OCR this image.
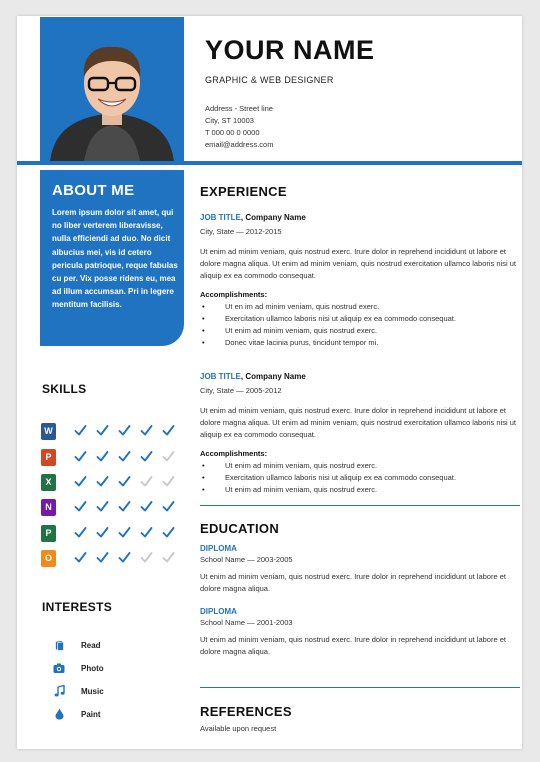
YOUR NAME
GRAPHIC & WEB DESIGNER
Address - Street line
City, ST 10003
T 000 00 0 0000
email@address.com
ABOUT ME

Lorem ipsum dolor sit amet, qui no liber verterem liberavisse, nulla efficiendi ad duo. No dicit albucius mei, vis id cetero pericula patrioque, reque fabulas cu per. Vix posse ridens eu, mea ad illum accumsan. Pri in legere mentitum facilisis.

SKILLS
W
P
X
N
P
O
INTERESTS
Read
Photo
Music
Paint
EXPERIENCE
JOB TITLE, Company Name
City, State — 2012-2015
Ut enim ad minim veniam, quis nostrud exerc. Irure dolor in reprehend incididunt ut labore et dolore magna aliqua. Ut enim ad minim veniam, quis nostrud exercitation ullamco laboris nisi ut aliquip ex ea commodo consequat.
Accomplishments:
• Ut en im ad minim veniam, quis nostrud exerc.
• Exercitation ullamco laboris nisi ut aliquip ex ea commodo consequat.
• Ut enim ad minim veniam, quis nostrud exerc.
• Donec vitae lacinia purus, tincidunt tempor mi.
JOB TITLE, Company Name
City, State — 2005-2012
Ut enim ad minim veniam, quis nostrud exerc. Irure dolor in reprehend incididunt ut labore et dolore magna aliqua. Ut enim ad minim veniam, quis nostrud exercitation ullamco laboris nisi ut aliquip ex ea commodo consequat.
Accomplishments:
• Ut enim ad minim veniam, quis nostrud exerc.
• Exercitation ullamco laboris nisi ut aliquip ex ea commodo consequat.
• Ut enim ad minim veniam, quis nostrud exerc.
EDUCATION
DIPLOMA
School Name — 2003-2005
Ut enim ad minim veniam, quis nostrud exerc. Irure dolor in reprehend incididunt ut labore et dolore magna aliqua.
DIPLOMA
School Name — 2001-2003
Ut enim ad minim veniam, quis nostrud exerc. Irure dolor in reprehend incididunt ut labore et dolore magna aliqua.
REFERENCES
Available upon request
